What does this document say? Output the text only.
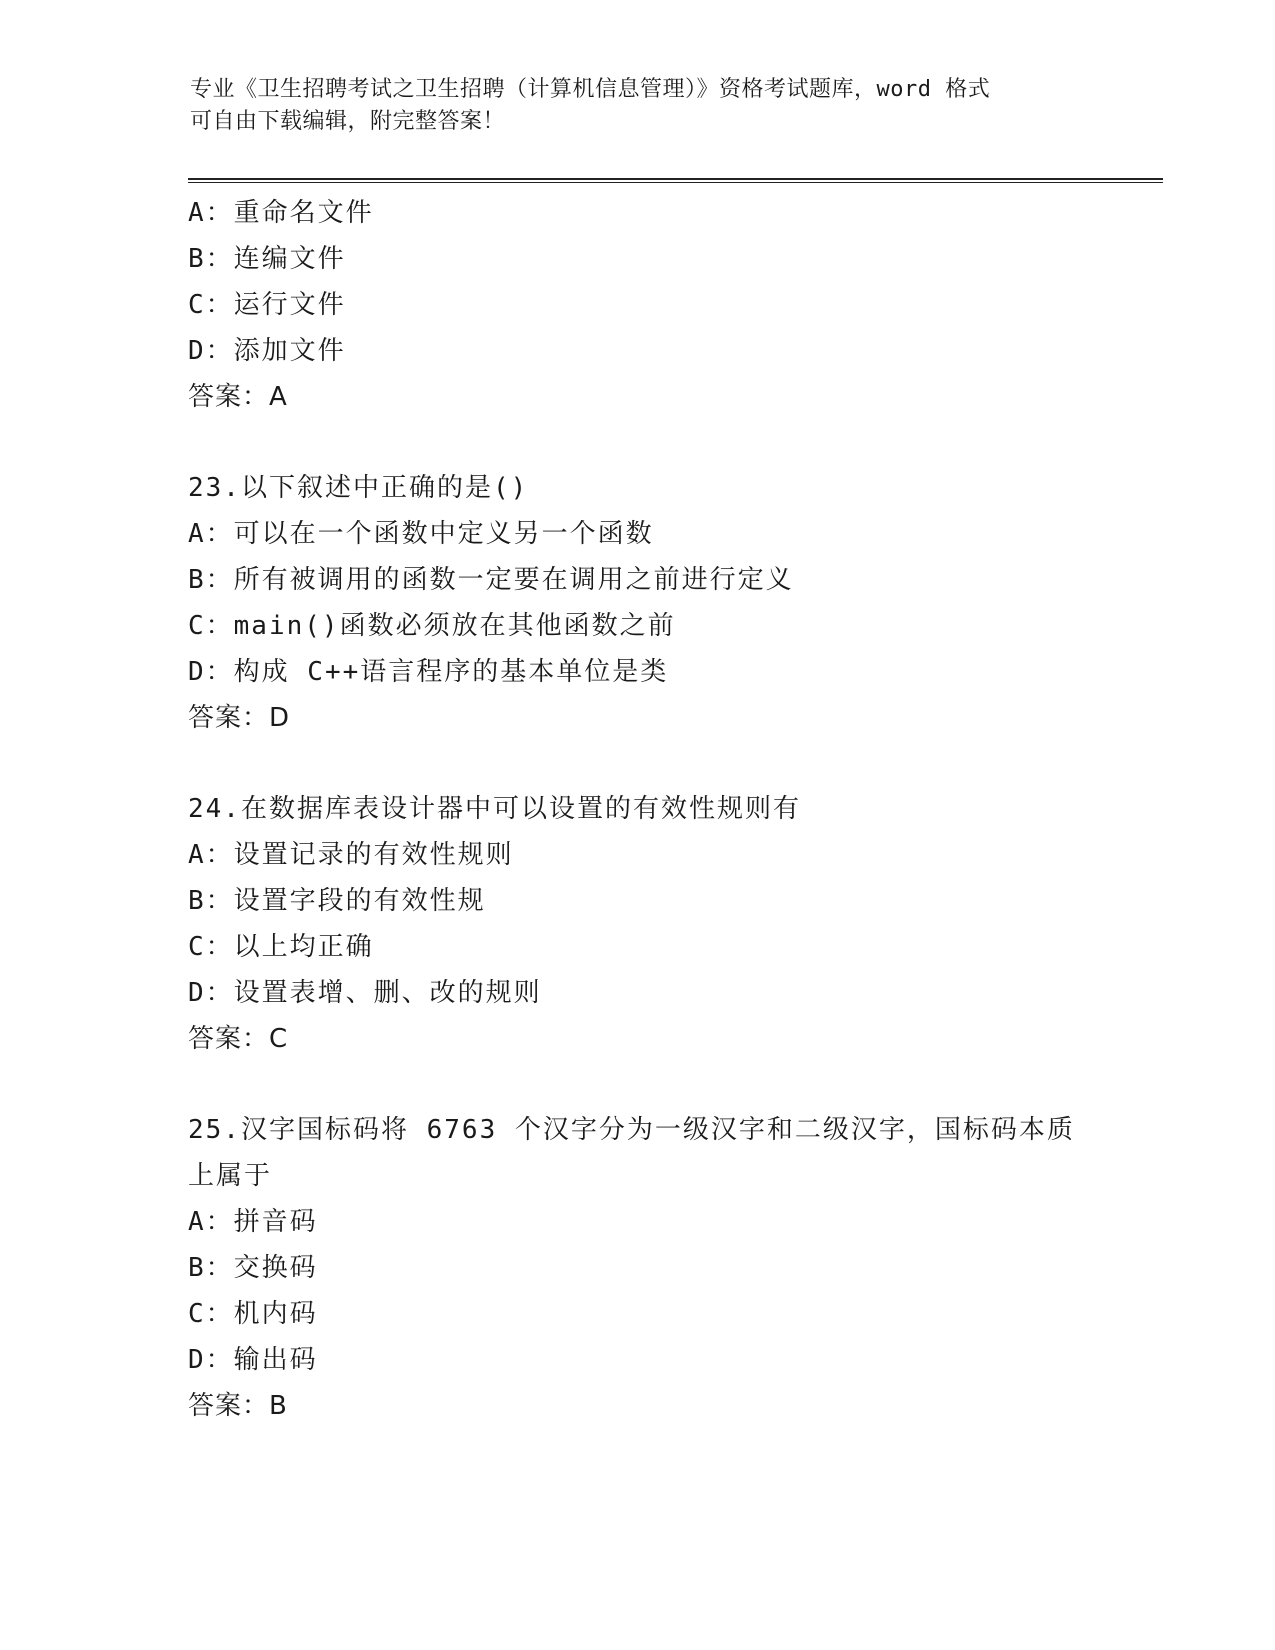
专业《卫生招聘考试之卫生招聘（计算机信息管理）》资格考试题库，word 格式
可自由下载编辑，附完整答案！
A：重命名文件
B：连编文件
C：运行文件
D：添加文件
答案：A
23.以下叙述中正确的是()
A：可以在一个函数中定义另一个函数
B：所有被调用的函数一定要在调用之前进行定义
C：main()函数必须放在其他函数之前
D：构成 C++语言程序的基本单位是类
答案：D
24.在数据库表设计器中可以设置的有效性规则有
A：设置记录的有效性规则
B：设置字段的有效性规
C：以上均正确
D：设置表增、删、改的规则
答案：C
25.汉字国标码将 6763 个汉字分为一级汉字和二级汉字，国标码本质
上属于
A：拼音码
B：交换码
C：机内码
D：输出码
答案：B
